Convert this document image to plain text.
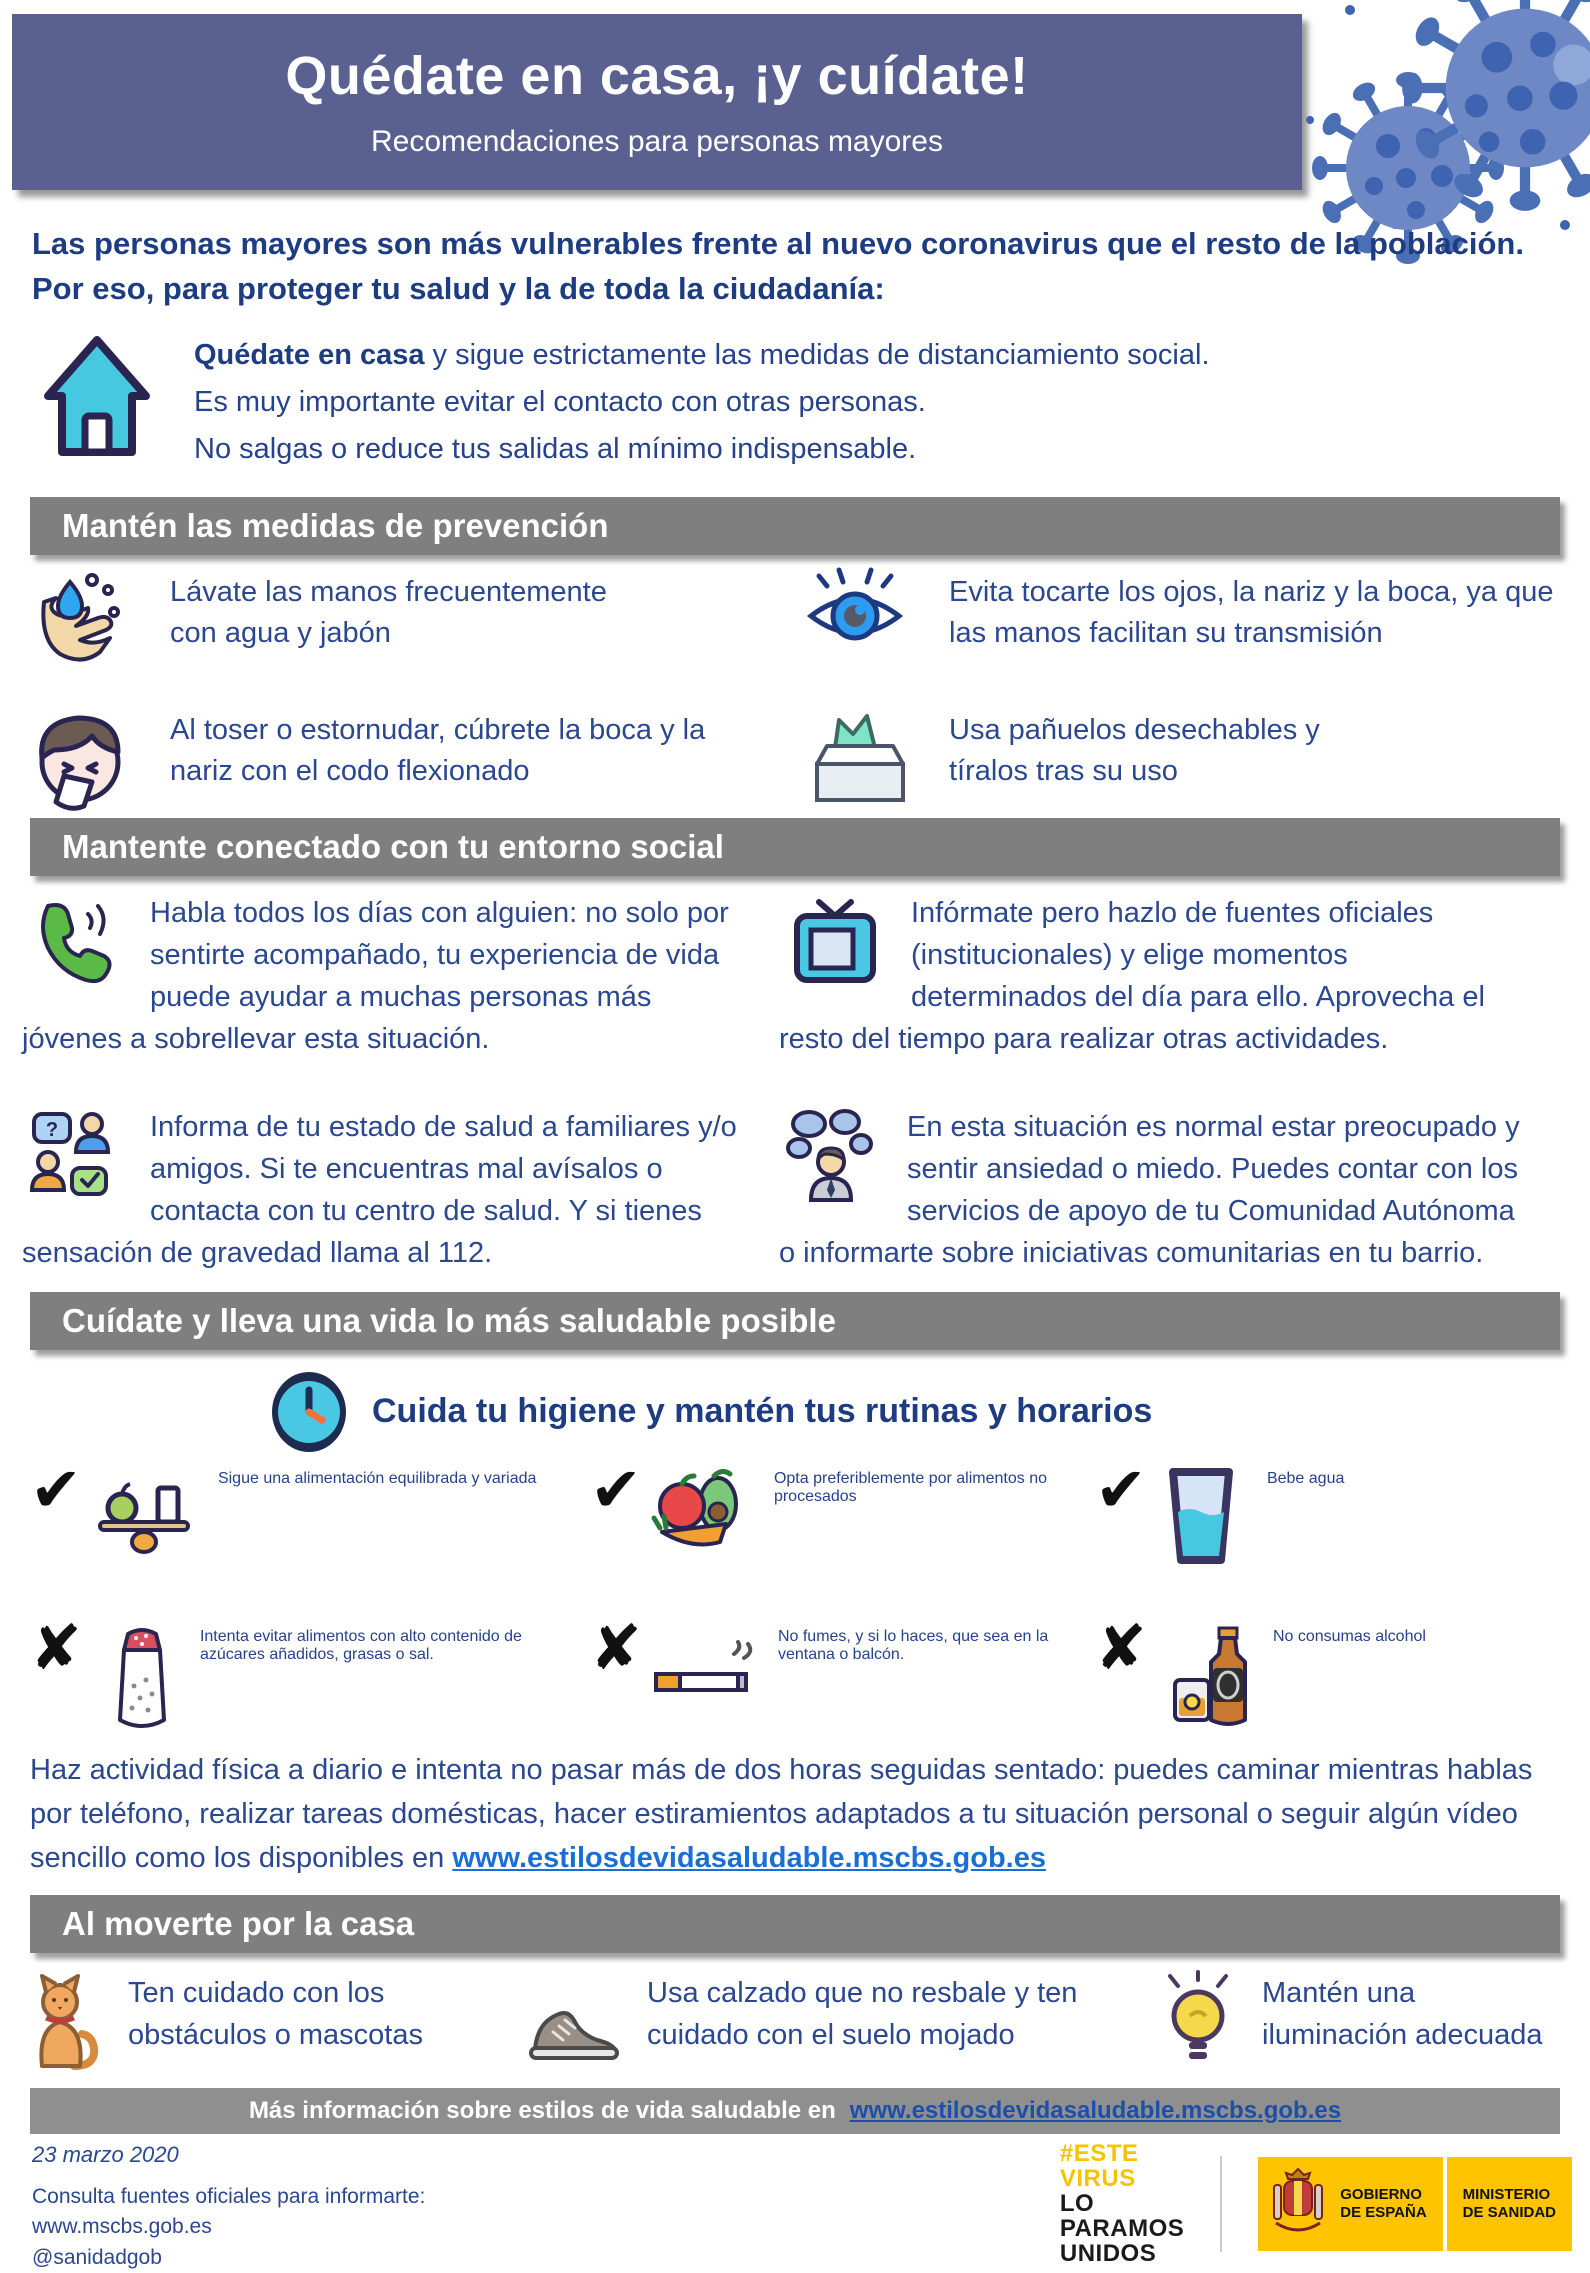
Quédate en casa, ¡y cuídate!
Recomendaciones para personas mayores
Las personas mayores son más vulnerables frente al nuevo coronavirus que el resto de la población. Por eso, para proteger tu salud y la de toda la ciudadanía:
Quédate en casa y sigue estrictamente las medidas de distanciamiento social.
Es muy importante evitar el contacto con otras personas.
No salgas o reduce tus salidas al mínimo indispensable.
Mantén las medidas de prevención
Lávate las manos frecuentemente con agua y jabón
Evita tocarte los ojos, la nariz y la boca, ya que las manos facilitan su transmisión
Al toser o estornudar, cúbrete la boca y la nariz con el codo flexionado
Usa pañuelos desechables y tíralos tras su uso
Mantente conectado con tu entorno social
Habla todos los días con alguien: no solo por sentirte acompañado, tu experiencia de vida puede ayudar a muchas personas más jóvenes a sobrellevar esta situación.
?	Informa de tu estado de salud a familiares y/o amigos. Si te encuentras mal avísalos o contacta con tu centro de salud. Y si tienes sensación de gravedad llama al 112.
Infórmate pero hazlo de fuentes oficiales (institucionales) y elige momentos determinados del día para ello. Aprovecha el resto del tiempo para realizar otras actividades.
En esta situación es normal estar preocupado y sentir ansiedad o miedo. Puedes contar con los servicios de apoyo de tu Comunidad Autónoma o informarte sobre iniciativas comunitarias en tu barrio.
Cuídate y lleva una vida lo más saludable posible
Cuida tu higiene y mantén tus rutinas y horarios
✔	Sigue una alimentación equilibrada y variada ✔	Opta preferiblemente por alimentos no procesados	✔	Bebe agua
✘	Intenta evitar alimentos con alto contenido de azúcares añadidos, grasas o sal.	✘	No fumes, y si lo haces, que sea en la ventana o balcón.	✘	No consumas alcohol
Haz actividad física a diario e intenta no pasar más de dos horas seguidas sentado: puedes caminar mientras hablas por teléfono, realizar tareas domésticas, hacer estiramientos adaptados a tu situación personal o seguir algún vídeo sencillo como los disponibles en www.estilosdevidasaludable.mscbs.gob.es
Al moverte por la casa
Ten cuidado con los obstáculos o mascotas
Usa calzado que no resbale y ten cuidado con el suelo mojado
Mantén una iluminación adecuada
Más información sobre estilos de vida saludable en www.estilosdevidasaludable.mscbs.gob.es
23 marzo 2020
Consulta fuentes oficiales para informarte:
www.mscbs.gob.es
@sanidadgob
#ESTE
VIRUS
LO
PARAMOS
UNIDOS
GOBIERNO
DE ESPAÑA
MINISTERIO
DE SANIDAD
